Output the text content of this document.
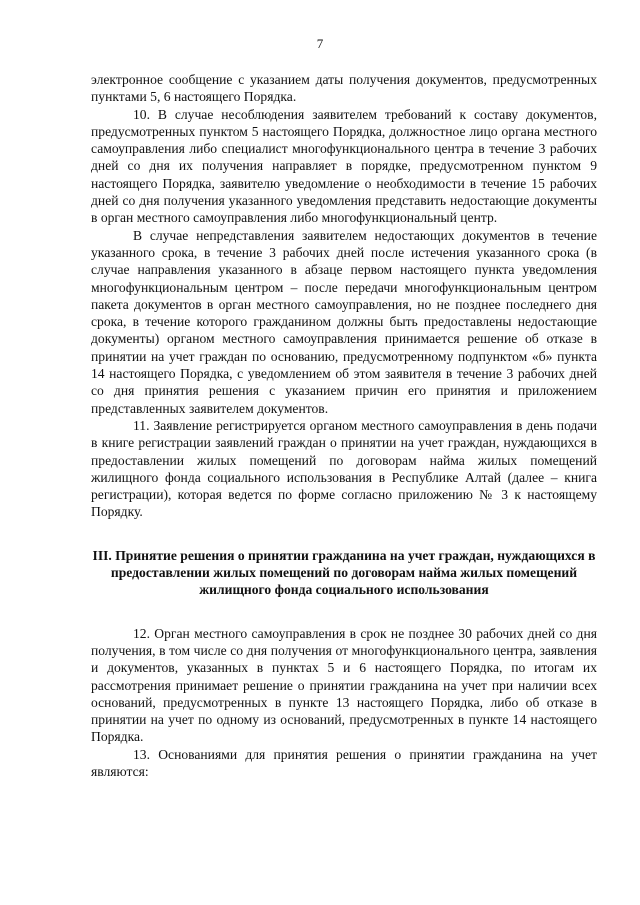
7

электронное сообщение с указанием даты получения документов, предусмотренных пунктами 5, 6 настоящего Порядка.

10. В случае несоблюдения заявителем требований к составу документов, предусмотренных пунктом 5 настоящего Порядка, должностное лицо органа местного самоуправления либо специалист многофункционального центра в течение 3 рабочих дней со дня их получения направляет в порядке, предусмотренном пунктом 9 настоящего Порядка, заявителю уведомление о необходимости в течение 15 рабочих дней со дня получения указанного уведомления представить недостающие документы в орган местного самоуправления либо многофункциональный центр.

В случае непредставления заявителем недостающих документов в течение указанного срока, в течение 3 рабочих дней после истечения указанного срока (в случае направления указанного в абзаце первом настоящего пункта уведомления многофункциональным центром – после передачи многофункциональным центром пакета документов в орган местного самоуправления, но не позднее последнего дня срока, в течение которого гражданином должны быть предоставлены недостающие документы) органом местного самоуправления принимается решение об отказе в принятии на учет граждан по основанию, предусмотренному подпунктом «б» пункта 14 настоящего Порядка, с уведомлением об этом заявителя в течение 3 рабочих дней со дня принятия решения с указанием причин его принятия и приложением представленных заявителем документов.

11. Заявление регистрируется органом местного самоуправления в день подачи в книге регистрации заявлений граждан о принятии на учет граждан, нуждающихся в предоставлении жилых помещений по договорам найма жилых помещений жилищного фонда социального использования в Республике Алтай (далее – книга регистрации), которая ведется по форме согласно приложению № 3 к настоящему Порядку.

III. Принятие решения о принятии гражданина на учет граждан, нуждающихся в предоставлении жилых помещений по договорам найма жилых помещений жилищного фонда социального использования

12. Орган местного самоуправления в срок не позднее 30 рабочих дней со дня получения, в том числе со дня получения от многофункционального центра, заявления и документов, указанных в пунктах 5 и 6 настоящего Порядка, по итогам их рассмотрения принимает решение о принятии гражданина на учет при наличии всех оснований, предусмотренных в пункте 13 настоящего Порядка, либо об отказе в принятии на учет по одному из оснований, предусмотренных в пункте 14 настоящего Порядка.

13. Основаниями для принятия решения о принятии гражданина на учет являются:
